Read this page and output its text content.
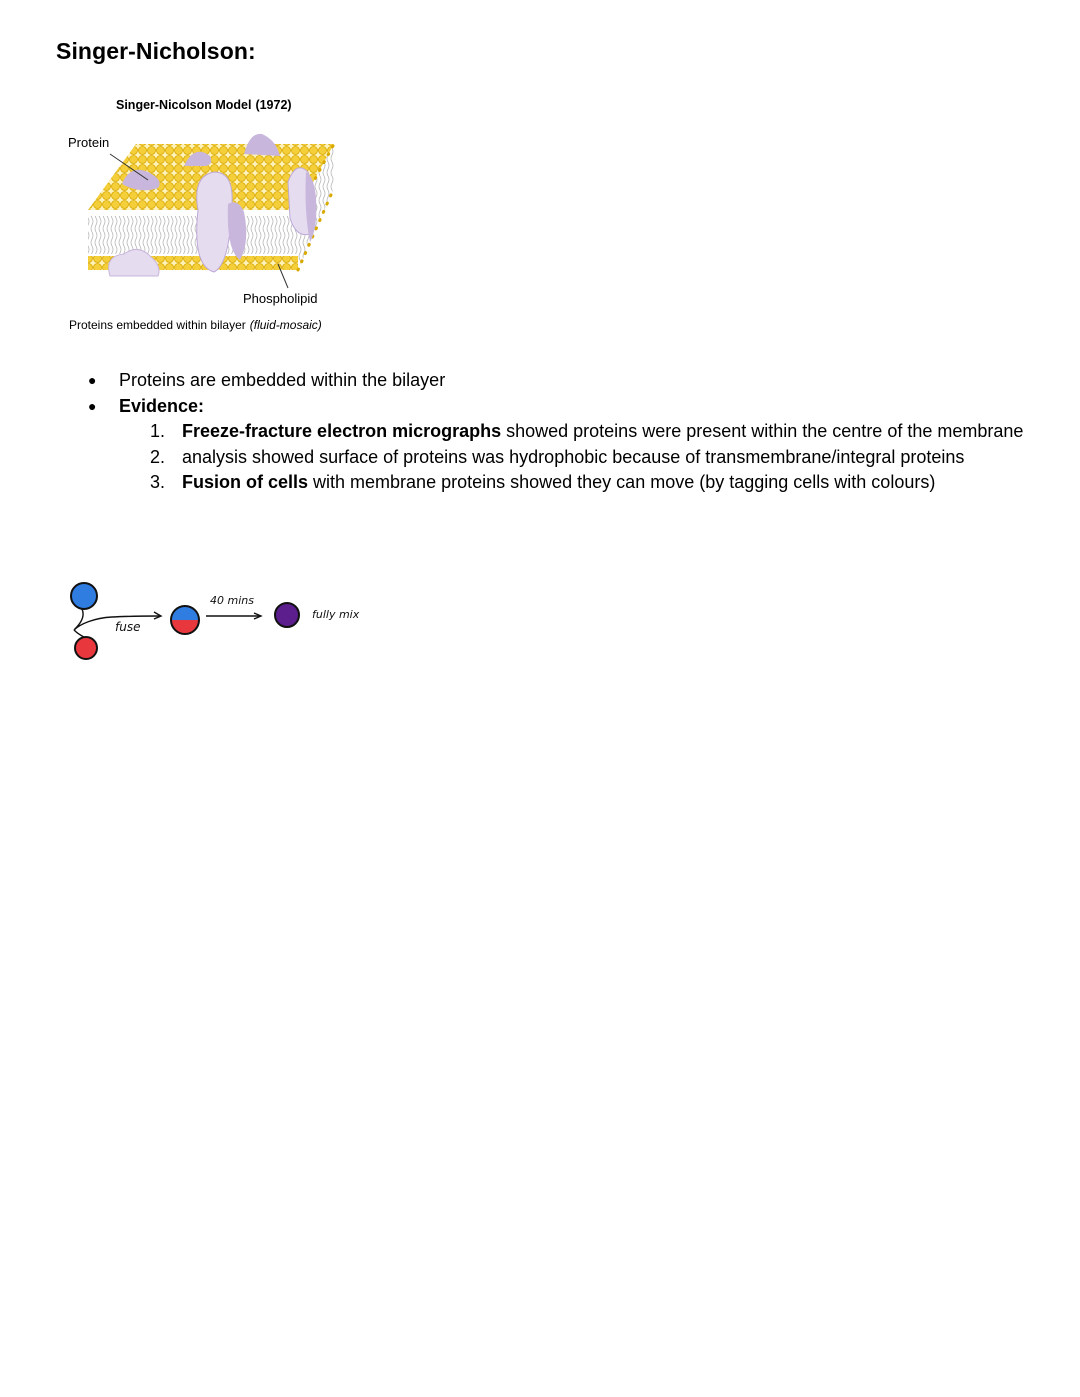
Singer-Nicholson:
Singer-Nicolson Model (1972)
Protein
Phospholipid
Proteins embedded within bilayer (fluid-mosaic)
● Proteins are embedded within the bilayer
● Evidence:
1. Freeze-fracture electron micrographs showed proteins were present within the centre of the membrane
2. analysis showed surface of proteins was hydrophobic because of transmembrane/integral proteins
3. Fusion of cells with membrane proteins showed they can move (by tagging cells with colours)
fuse
40 mins
fully mix
